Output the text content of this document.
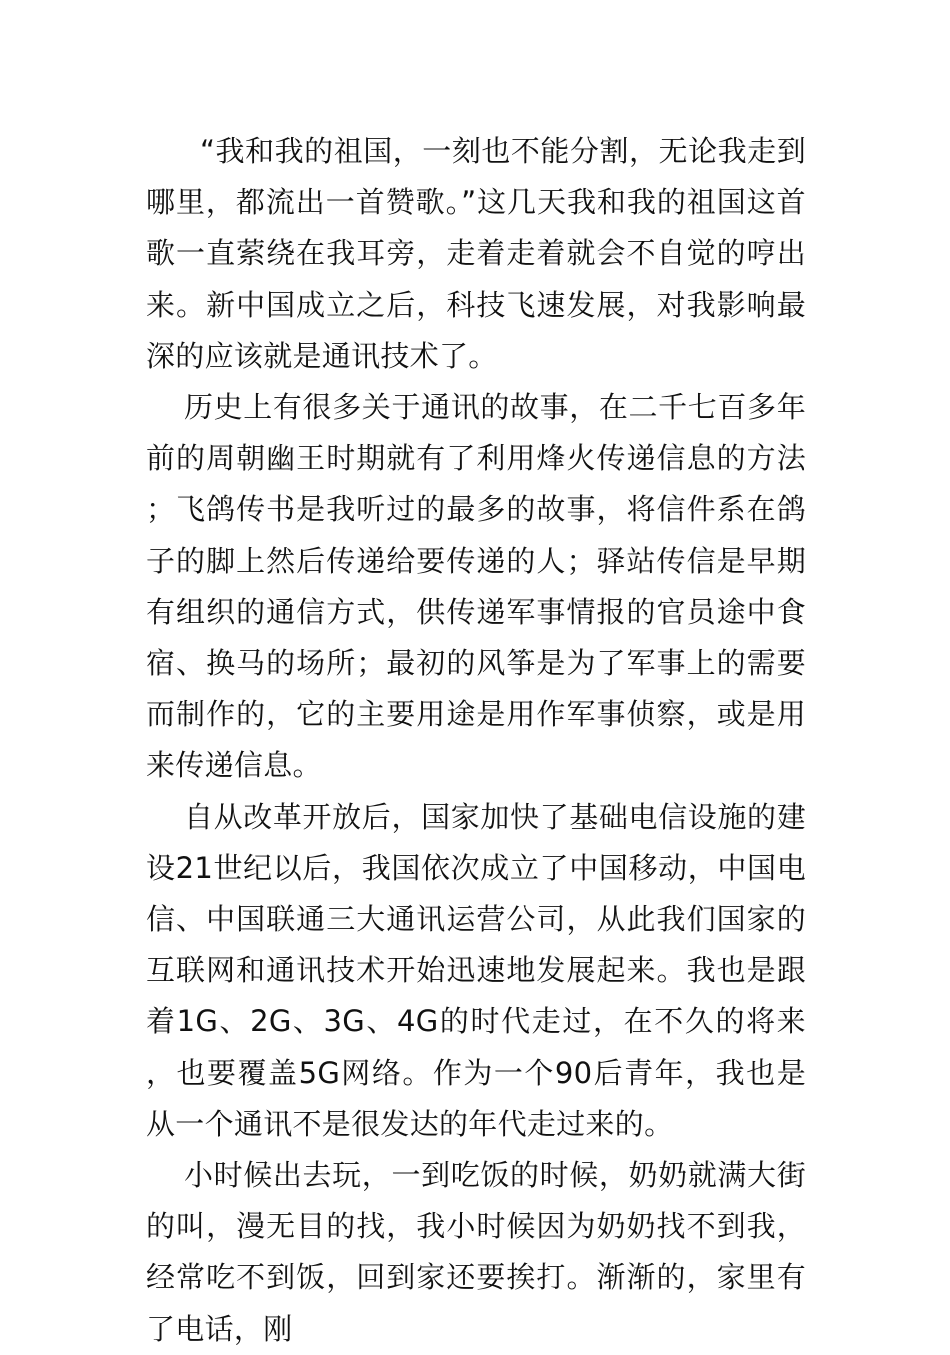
“我和我的祖国，一刻也不能分割，无论我走到哪里，都流出一首赞歌。”这几天我和我的祖国这首歌一直萦绕在我耳旁，走着走着就会不自觉的哼出来。新中国成立之后，科技飞速发展，对我影响最深的应该就是通讯技术了。

历史上有很多关于通讯的故事，在二千七百多年前的周朝幽王时期就有了利用烽火传递信息的方法；飞鸽传书是我听过的最多的故事，将信件系在鸽子的脚上然后传递给要传递的人；驿站传信是早期有组织的通信方式，供传递军事情报的官员途中食宿、换马的场所；最初的风筝是为了军事上的需要而制作的，它的主要用途是用作军事侦察，或是用来传递信息。

自从改革开放后，国家加快了基础电信设施的建设21世纪以后，我国依次成立了中国移动，中国电信、中国联通三大通讯运营公司，从此我们国家的互联网和通讯技术开始迅速地发展起来。我也是跟着1G、2G、3G、4G的时代走过，在不久的将来，也要覆盖5G网络。作为一个90后青年，我也是从一个通讯不是很发达的年代走过来的。

小时候出去玩，一到吃饭的时候，奶奶就满大街的叫，漫无目的找，我小时候因为奶奶找不到我，经常吃不到饭，回到家还要挨打。渐渐的，家里有了电话，刚
